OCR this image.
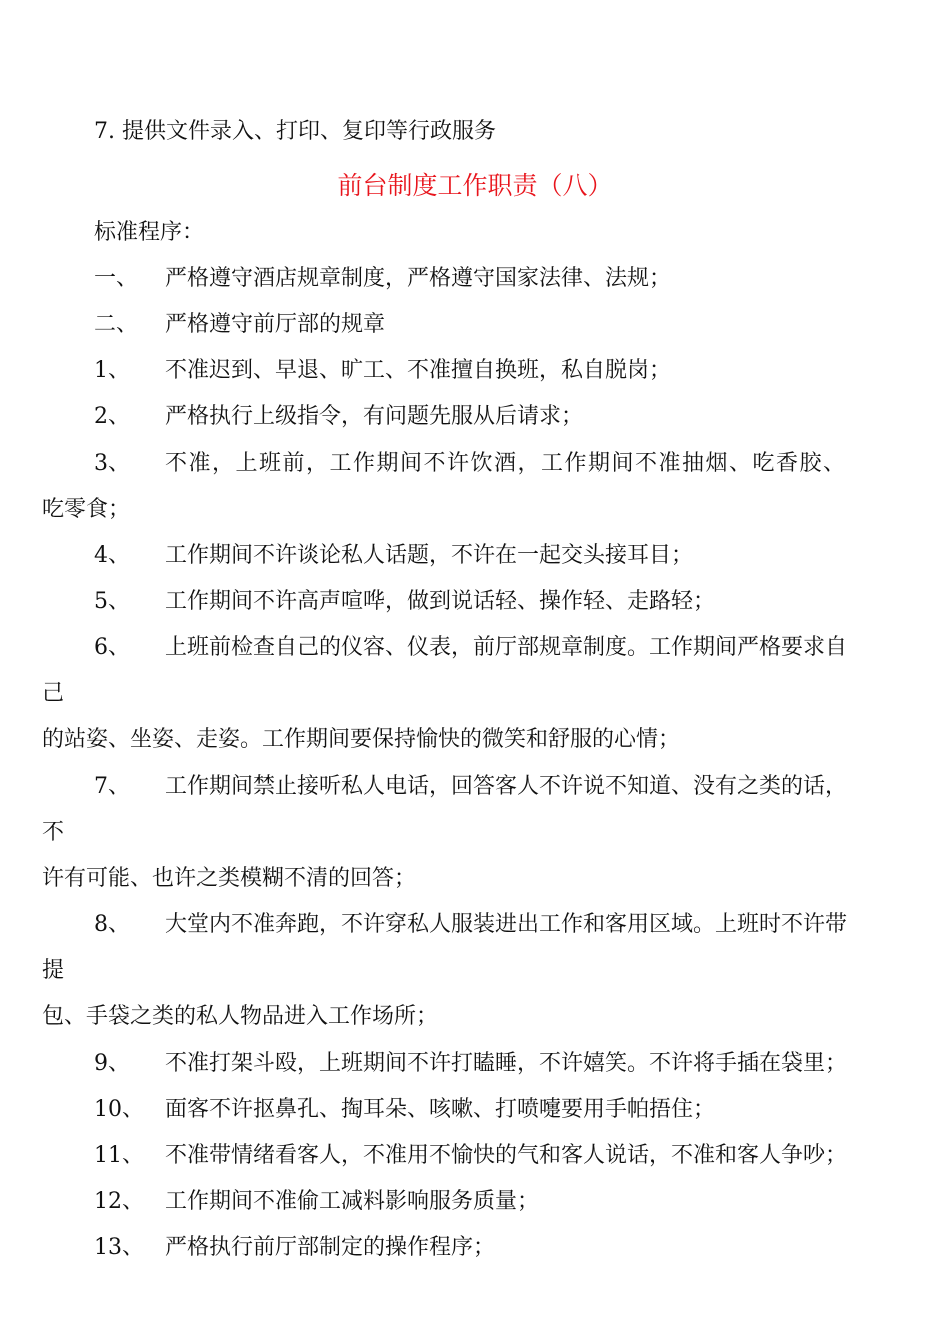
7. 提供文件录入、打印、复印等行政服务
前台制度工作职责（八）
标准程序：
一、 严格遵守酒店规章制度，严格遵守国家法律、法规；
二、 严格遵守前厅部的规章
1、 不准迟到、早退、旷工、不准擅自换班，私自脱岗；
2、 严格执行上级指令，有问题先服从后请求；
3、 不准，上班前，工作期间不许饮酒，工作期间不准抽烟、吃香胶、
吃零食；
4、 工作期间不许谈论私人话题，不许在一起交头接耳目；
5、 工作期间不许高声喧哗，做到说话轻、操作轻、走路轻；
6、 上班前检查自己的仪容、仪表，前厅部规章制度。工作期间严格要求自
己
的站姿、坐姿、走姿。工作期间要保持愉快的微笑和舒服的心情；
7、 工作期间禁止接听私人电话，回答客人不许说不知道、没有之类的话，
不
许有可能、也许之类模糊不清的回答；
8、 大堂内不准奔跑，不许穿私人服装进出工作和客用区域。上班时不许带
提
包、手袋之类的私人物品进入工作场所；
9、 不准打架斗殴，上班期间不许打瞌睡，不许嬉笑。不许将手插在袋里；
10、 面客不许抠鼻孔、掏耳朵、咳嗽、打喷嚏要用手帕捂住；
11、 不准带情绪看客人，不准用不愉快的气和客人说话，不准和客人争吵；
12、 工作期间不准偷工减料影响服务质量；
13、 严格执行前厅部制定的操作程序；
